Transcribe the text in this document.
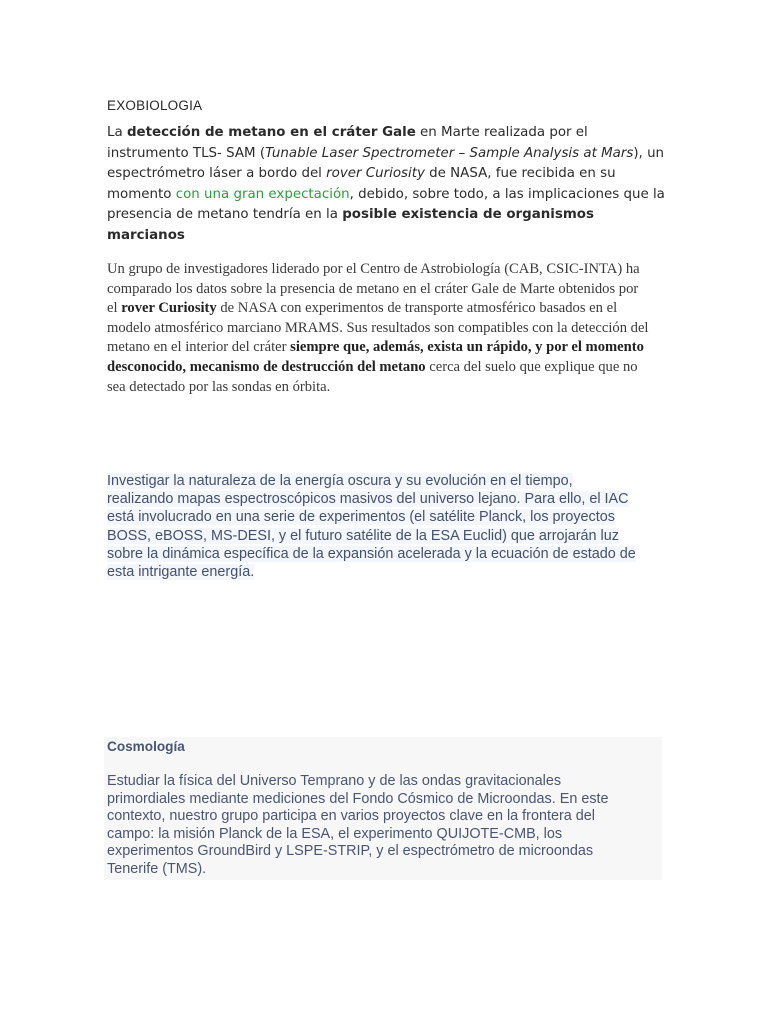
EXOBIOLOGIA
La detección de metano en el cráter Gale en Marte realizada por el instrumento TLS- SAM (Tunable Laser Spectrometer – Sample Analysis at Mars), un espectrómetro láser a bordo del rover Curiosity de NASA, fue recibida en su momento con una gran expectación, debido, sobre todo, a las implicaciones que la presencia de metano tendría en la posible existencia de organismos marcianos
Un grupo de investigadores liderado por el Centro de Astrobiología (CAB, CSIC-INTA) ha comparado los datos sobre la presencia de metano en el cráter Gale de Marte obtenidos por el rover Curiosity de NASA con experimentos de transporte atmosférico basados en el modelo atmosférico marciano MRAMS. Sus resultados son compatibles con la detección del metano en el interior del cráter siempre que, además, exista un rápido, y por el momento desconocido, mecanismo de destrucción del metano cerca del suelo que explique que no sea detectado por las sondas en órbita.
Investigar la naturaleza de la energía oscura y su evolución en el tiempo,
realizando mapas espectroscópicos masivos del universo lejano. Para ello, el IAC
está involucrado en una serie de experimentos (el satélite Planck, los proyectos
BOSS, eBOSS, MS-DESI, y el futuro satélite de la ESA Euclid) que arrojarán luz
sobre la dinámica específica de la expansión acelerada y la ecuación de estado de
esta intrigante energía.
Cosmología
Estudiar la física del Universo Temprano y de las ondas gravitacionales
primordiales mediante mediciones del Fondo Cósmico de Microondas. En este
contexto, nuestro grupo participa en varios proyectos clave en la frontera del
campo: la misión Planck de la ESA, el experimento QUIJOTE-CMB, los
experimentos GroundBird y LSPE-STRIP, y el espectrómetro de microondas
Tenerife (TMS).
